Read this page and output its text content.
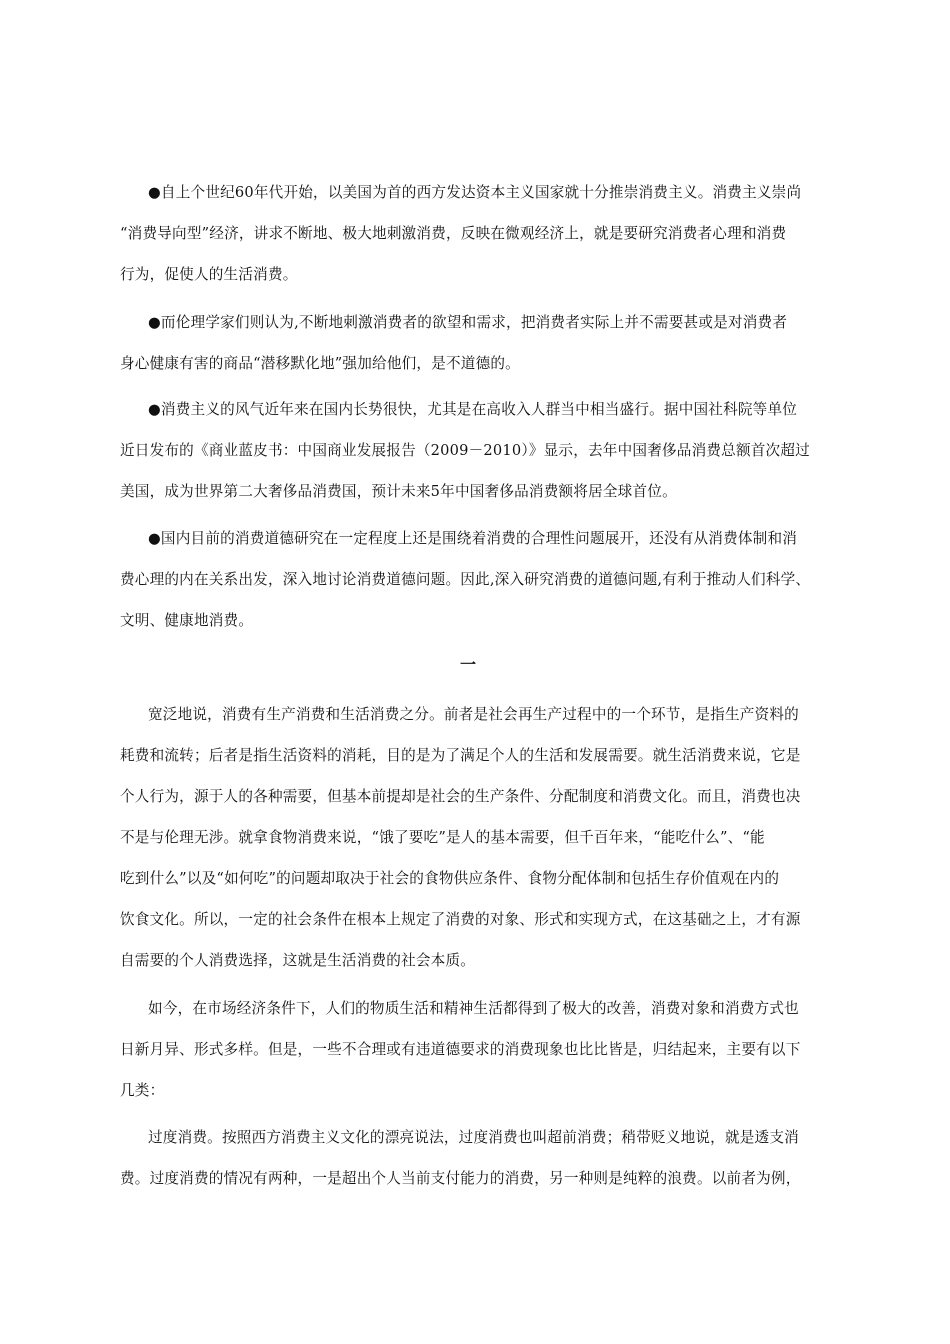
●自上个世纪60年代开始，以美国为首的西方发达资本主义国家就十分推崇消费主义。消费主义崇尚
“消费导向型”经济，讲求不断地、极大地刺激消费，反映在微观经济上，就是要研究消费者心理和消费
行为，促使人的生活消费。
●而伦理学家们则认为,不断地刺激消费者的欲望和需求，把消费者实际上并不需要甚或是对消费者
身心健康有害的商品“潜移默化地”强加给他们，是不道德的。
●消费主义的风气近年来在国内长势很快，尤其是在高收入人群当中相当盛行。据中国社科院等单位
近日发布的《商业蓝皮书：中国商业发展报告（2009－2010）》显示，去年中国奢侈品消费总额首次超过
美国，成为世界第二大奢侈品消费国，预计未来5年中国奢侈品消费额将居全球首位。
●国内目前的消费道德研究在一定程度上还是围绕着消费的合理性问题展开，还没有从消费体制和消
费心理的内在关系出发，深入地讨论消费道德问题。因此,深入研究消费的道德问题,有利于推动人们科学、
文明、健康地消费。
一
宽泛地说，消费有生产消费和生活消费之分。前者是社会再生产过程中的一个环节，是指生产资料的
耗费和流转；后者是指生活资料的消耗，目的是为了满足个人的生活和发展需要。就生活消费来说，它是
个人行为，源于人的各种需要，但基本前提却是社会的生产条件、分配制度和消费文化。而且，消费也决
不是与伦理无涉。就拿食物消费来说，“饿了要吃”是人的基本需要，但千百年来，“能吃什么”、“能
吃到什么”以及“如何吃”的问题却取决于社会的食物供应条件、食物分配体制和包括生存价值观在内的
饮食文化。所以，一定的社会条件在根本上规定了消费的对象、形式和实现方式，在这基础之上，才有源
自需要的个人消费选择，这就是生活消费的社会本质。
如今，在市场经济条件下，人们的物质生活和精神生活都得到了极大的改善，消费对象和消费方式也
日新月异、形式多样。但是，一些不合理或有违道德要求的消费现象也比比皆是，归结起来，主要有以下
几类：
过度消费。按照西方消费主义文化的漂亮说法，过度消费也叫超前消费；稍带贬义地说，就是透支消
费。过度消费的情况有两种，一是超出个人当前支付能力的消费，另一种则是纯粹的浪费。以前者为例，
